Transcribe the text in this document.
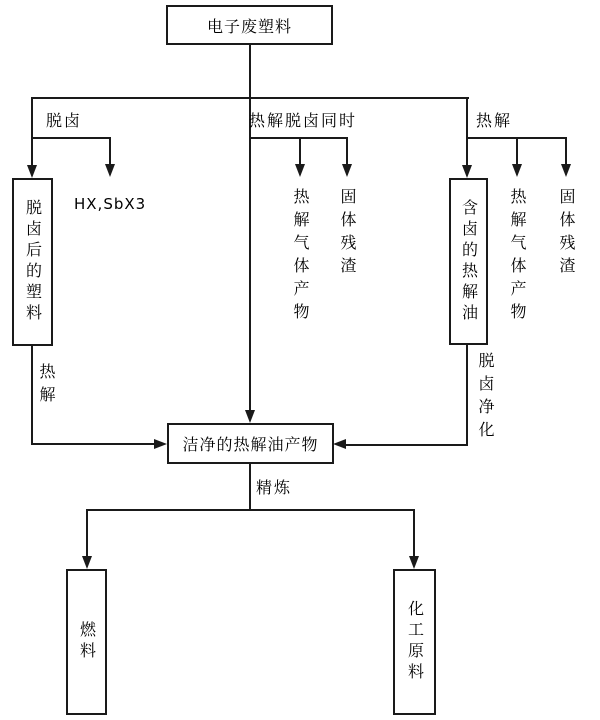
电子废塑料
脱卤后的塑料	含卤的热解油
洁净的热解油产物
燃料	化工原料
脱卤	热解脱卤同时	热解
HX,SbX3
热解
热解气体产物 固体残渣	热解气体产物 固体残渣
脱卤净化
精炼
